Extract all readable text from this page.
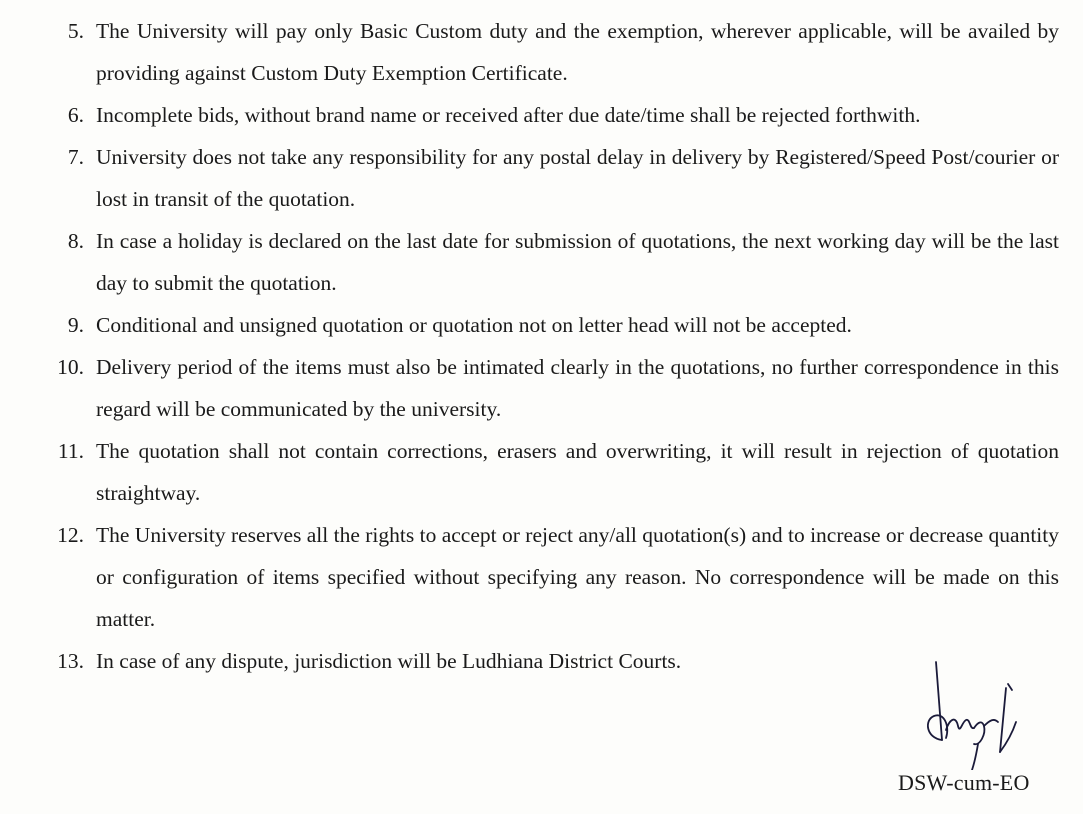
5. The University will pay only Basic Custom duty and the exemption, wherever applicable, will be availed by providing against Custom Duty Exemption Certificate.
6. Incomplete bids, without brand name or received after due date/time shall be rejected forthwith.
7. University does not take any responsibility for any postal delay in delivery by Registered/Speed Post/courier or lost in transit of the quotation.
8. In case a holiday is declared on the last date for submission of quotations, the next working day will be the last day to submit the quotation.
9. Conditional and unsigned quotation or quotation not on letter head will not be accepted.
10. Delivery period of the items must also be intimated clearly in the quotations, no further correspondence in this regard will be communicated by the university.
11. The quotation shall not contain corrections, erasers and overwriting, it will result in rejection of quotation straightway.
12. The University reserves all the rights to accept or reject any/all quotation(s) and to increase or decrease quantity or configuration of items specified without specifying any reason. No correspondence will be made on this matter.
13. In case of any dispute, jurisdiction will be Ludhiana District Courts.
DSW-cum-EO
